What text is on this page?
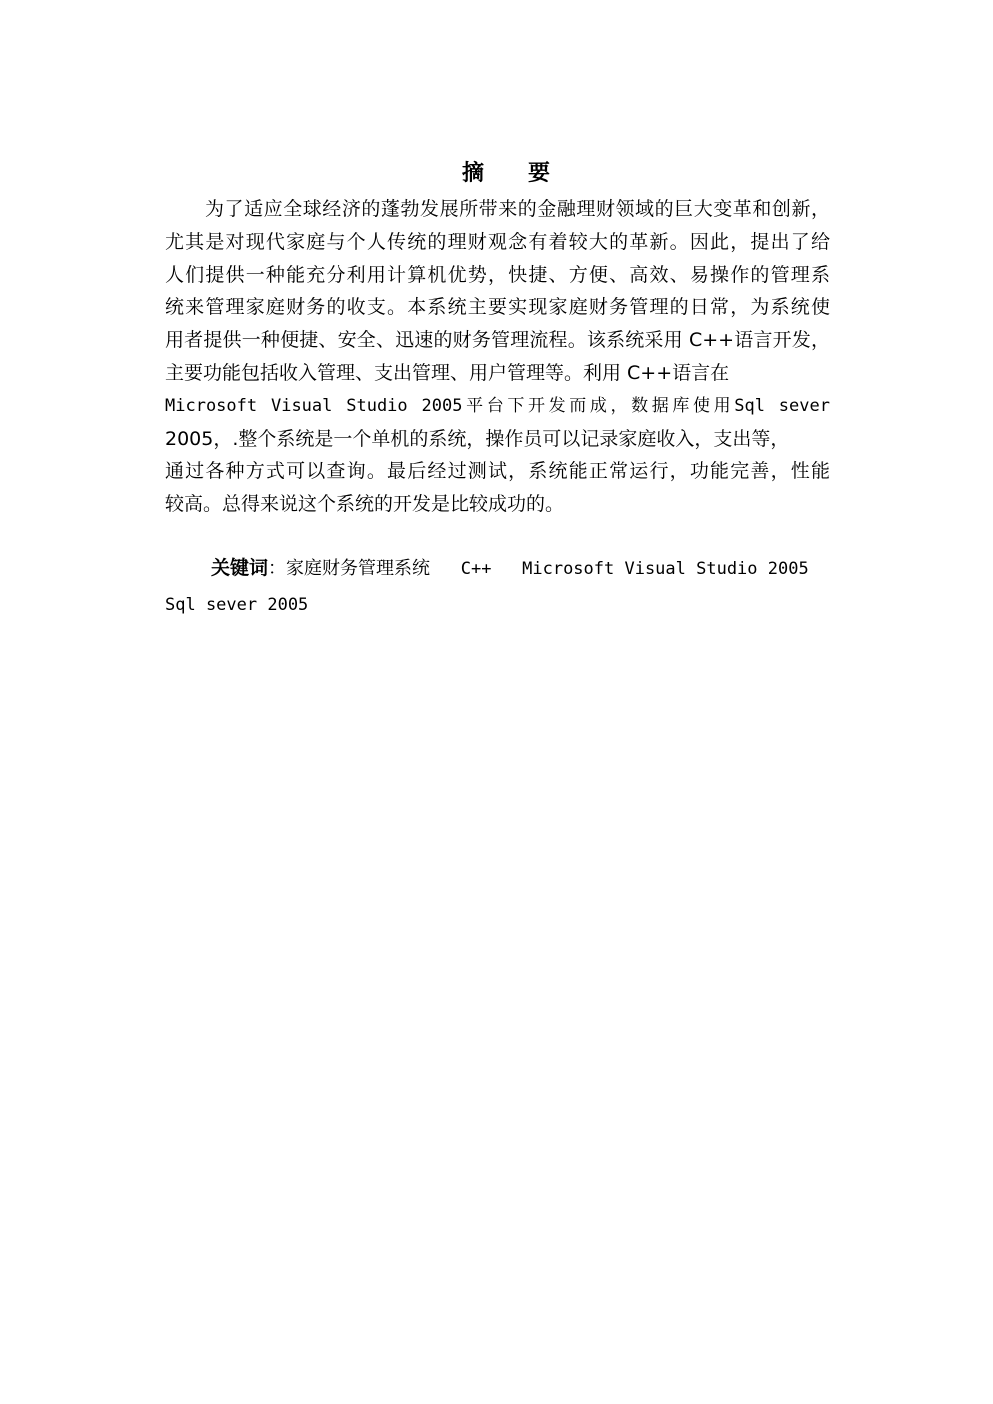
摘 要
为了适应全球经济的蓬勃发展所带来的金融理财领域的巨大变革和创新，
尤其是对现代家庭与个人传统的理财观念有着较大的革新。因此，提出了给
人们提供一种能充分利用计算机优势，快捷、方便、高效、易操作的管理系
统来管理家庭财务的收支。本系统主要实现家庭财务管理的日常，为系统使
用者提供一种便捷、安全、迅速的财务管理流程。该系统采用 C++语言开发，
主要功能包括收入管理、支出管理、用户管理等。利用 C++语言在
Microsoft Visual Studio 2005平台下开发而成，数据库使用Sql sever
2005，.整个系统是一个单机的系统，操作员可以记录家庭收入，支出等，
通过各种方式可以查询。最后经过测试，系统能正常运行，功能完善，性能
较高。总得来说这个系统的开发是比较成功的。
关键词：家庭财务管理系统   C++   Microsoft Visual Studio 2005
Sql sever 2005
